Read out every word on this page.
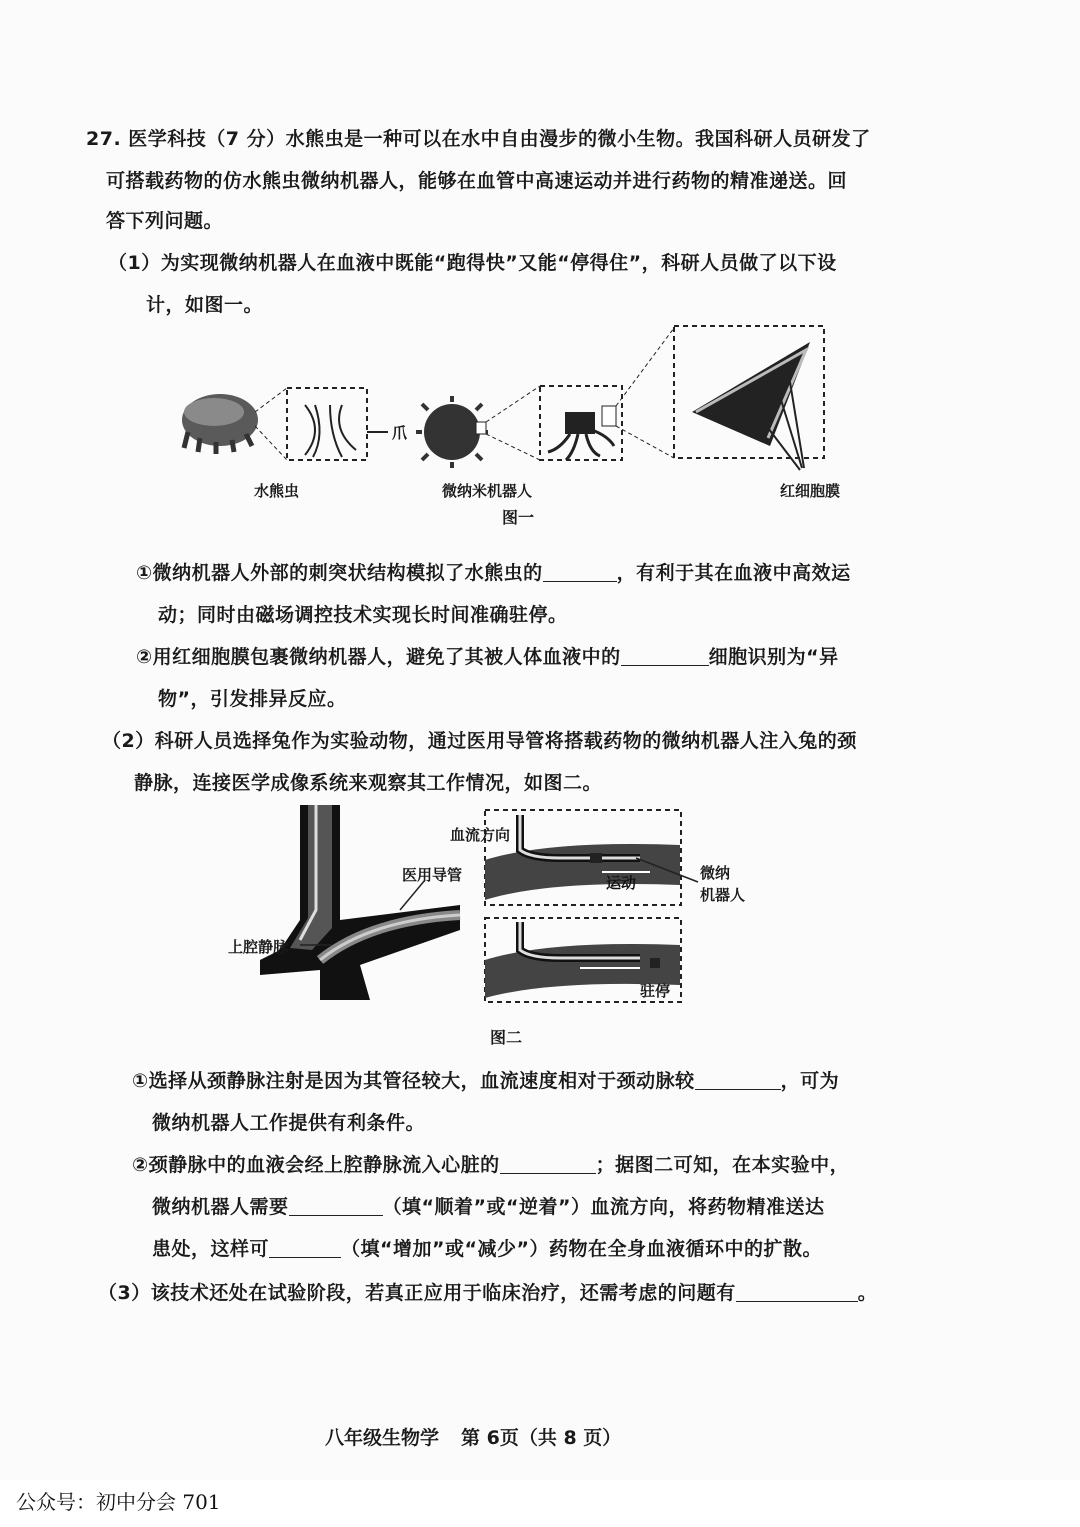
27. 医学科技（7 分）水熊虫是一种可以在水中自由漫步的微小生物。我国科研人员研发了
可搭载药物的仿水熊虫微纳机器人，能够在血管中高速运动并进行药物的精准递送。回
答下列问题。
（1）为实现微纳机器人在血液中既能“跑得快”又能“停得住”，科研人员做了以下设
计，如图一。
爪
水熊虫	微纳米机器人	红细胞膜
图一
①微纳机器人外部的刺突状结构模拟了水熊虫的	，有利于其在血液中高效运
动；同时由磁场调控技术实现长时间准确驻停。
②用红细胞膜包裹微纳机器人，避免了其被人体血液中的	细胞识别为“异
物”，引发排异反应。
（2）科研人员选择兔作为实验动物，通过医用导管将搭载药物的微纳机器人注入兔的颈
静脉，连接医学成像系统来观察其工作情况，如图二。
血流方向
医用导管
上腔静脉
运动
微纳
机器人
驻停
图二
①选择从颈静脉注射是因为其管径较大，血流速度相对于颈动脉较	，可为
微纳机器人工作提供有利条件。
②颈静脉中的血液会经上腔静脉流入心脏的	；据图二可知，在本实验中，
微纳机器人需要	（填“顺着”或“逆着”）血流方向，将药物精准送达
患处，这样可	（填“增加”或“减少”）药物在全身血液循环中的扩散。
（3）该技术还处在试验阶段，若真正应用于临床治疗，还需考虑的问题有	。
八年级生物学 第 6页（共 8 页）
公众号：初中分会 701
